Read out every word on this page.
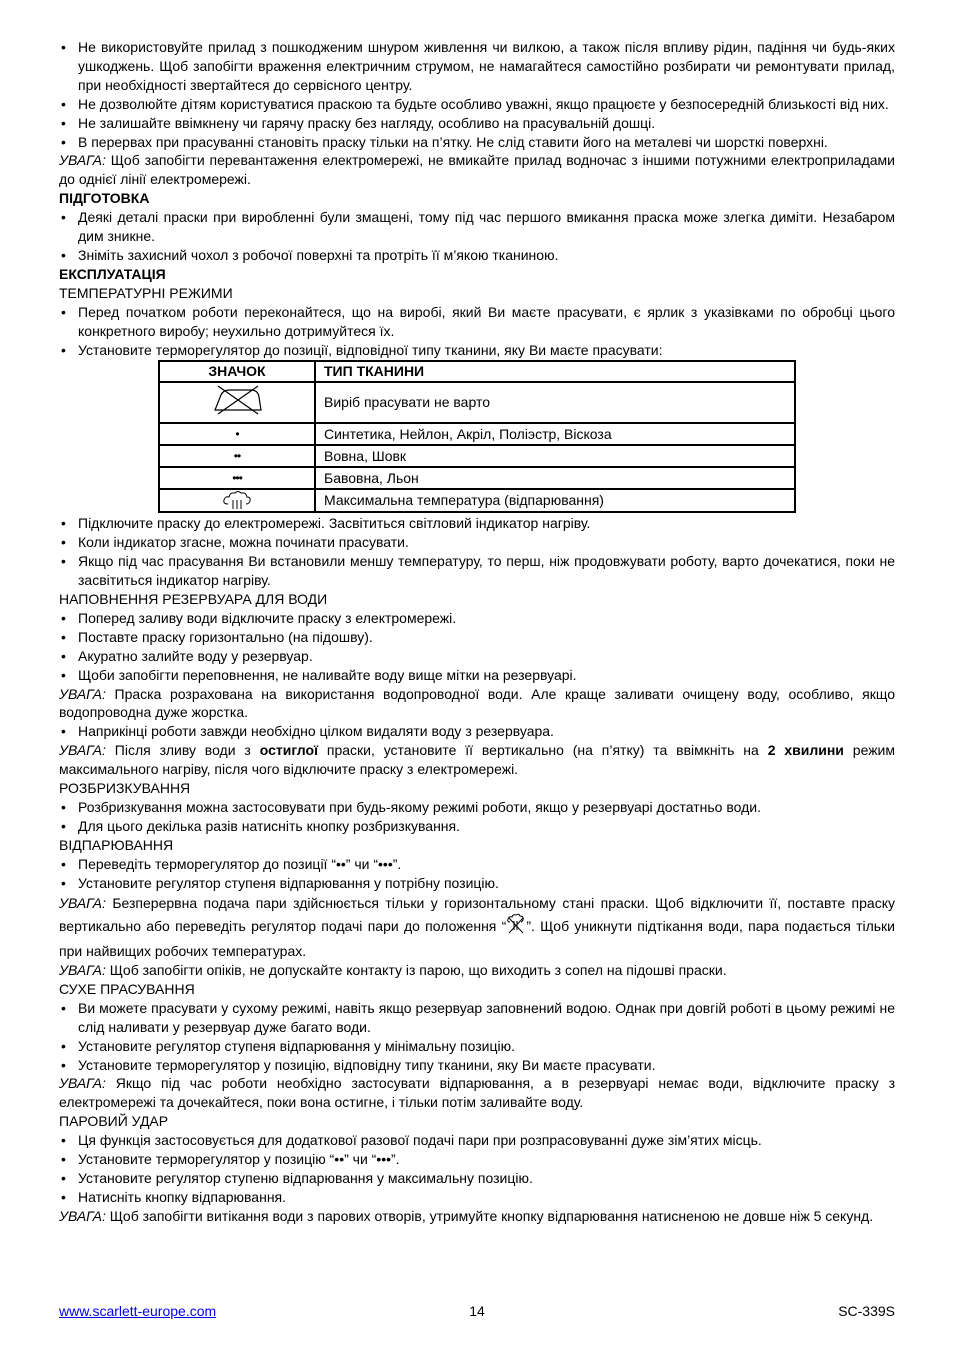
• Не використовуйте прилад з пошкодженим шнуром живлення чи вилкою, а також після впливу рідин, падіння чи будь-яких ушкоджень. Щоб запобігти враження електричним струмом, не намагайтеся самостійно розбирати чи ремонтувати прилад, при необхідності звертайтеся до сервісного центру.

• Не дозволюйте дітям користуватися праскою та будьте особливо уважні, якщо працюєте у безпосередній близькості від них.

• Не залишайте ввімкнену чи гарячу праску без нагляду, особливо на прасувальній дошці.

• В перервах при прасуванні становіть праску тільки на п’ятку. Не слід ставити його на металеві чи шорсткі поверхні.

УВАГА: Щоб запобігти перевантаження електромережі, не вмикайте прилад водночас з іншими потужними електроприладами до однієї лінії електромережі.

ПІДГОТОВКА

• Деякі деталі праски при виробленні були змащені, тому під час першого вмикання праска може злегка диміти. Незабаром дим зникне.

• Зніміть захисний чохол з робочої поверхні та протріть її м’якою тканиною.

ЕКСПЛУАТАЦІЯ

ТЕМПЕРАТУРНІ РЕЖИМИ

• Перед початком роботи переконайтеся, що на виробі, який Ви маєте прасувати, є ярлик з указівками по обробці цього конкретного виробу; неухильно дотримуйтеся їх.

• Установите терморегулятор до позиції, відповідної типу тканини, яку Ви маєте прасувати:

ЗНАЧОК	ТИП ТКАНИНИ
	Виріб прасувати не варто
•	Синтетика, Нейлон, Акріл, Поліэстр, Віскоза
••	Вовна, Шовк
•••	Бавовна, Льон
	Максимальна температура (відпарювання)

• Підключите праску до електромережі. Засвітиться світловий індикатор нагріву.

• Коли індикатор згасне, можна починати прасувати.

• Якщо під час прасування Ви встановили меншу температуру, то перш, ніж продовжувати роботу, варто дочекатися, поки не засвітиться індикатор нагріву.

НАПОВНЕННЯ РЕЗЕРВУАРА ДЛЯ ВОДИ

• Поперед заливу води відключите праску з електромережі.

• Поставте праску горизонтально (на підошву).

• Акуратно залийте воду у резервуар.

• Щоби запобігти переповнення, не наливайте воду вище мітки на резервуарі.

УВАГА: Праска розрахована на використання водопроводної води. Але краще заливати очищену воду, особливо, якщо водопроводна дуже жорстка.

• Наприкінці роботи завжди необхідно цілком видаляти воду з резервуара.

УВАГА: Після зливу води з остиглої праски, установите її вертикально (на п’ятку) та ввімкніть на 2 хвилини режим максимального нагріву, після чого відключите праску з електромережі.

РОЗБРИЗКУВАННЯ

• Розбризкування можна застосовувати при будь-якому режимі роботи, якщо у резервуарі достатньо води.

• Для цього декілька разів натисніть кнопку розбризкування.

ВІДПАРЮВАННЯ

• Переведіть терморегулятор до позиції “••” чи “•••”.

• Установите регулятор ступеня відпарювання у потрібну позицію.

УВАГА: Безперервна подача пари здійснюється тільки у горизонтальному стані праски. Щоб відключити її, поставте праску вертикально або переведіть регулятор подачі пари до положення “ ”. Щоб уникнути підтікання води, пара подається тільки при найвищих робочих температурах.

УВАГА: Щоб запобігти опіків, не допускайте контакту із парою, що виходить з сопел на підошві праски.

СУХЕ ПРАСУВАННЯ

• Ви можете прасувати у сухому режимі, навіть якщо резервуар заповнений водою. Однак при довгій роботі в цьому режимі не слід наливати у резервуар дуже багато води.

• Установите регулятор ступеня відпарювання у мінімальну позицію.

• Установите терморегулятор у позицію, відповідну типу тканини, яку Ви маєте прасувати.

УВАГА: Якщо під час роботи необхідно застосувати відпарювання, а в резервуарі немає води, відключите праску з електромережі та дочекайтеся, поки вона остигне, і тільки потім заливайте воду.

ПАРОВИЙ УДАР

• Ця функція застосовується для додаткової разової подачі пари при розпрасовуванні дуже зім’ятих місць.

• Установите терморегулятор у позицію “••” чи “•••”.

• Установите регулятор ступеню відпарювання у максимальну позицію.

• Натисніть кнопку відпарювання.

УВАГА: Щоб запобігти витікання води з парових отворів, утримуйте кнопку відпарювання натисненою не довше ніж 5 секунд.

www.scarlett-europe.com	14	SC-339S
